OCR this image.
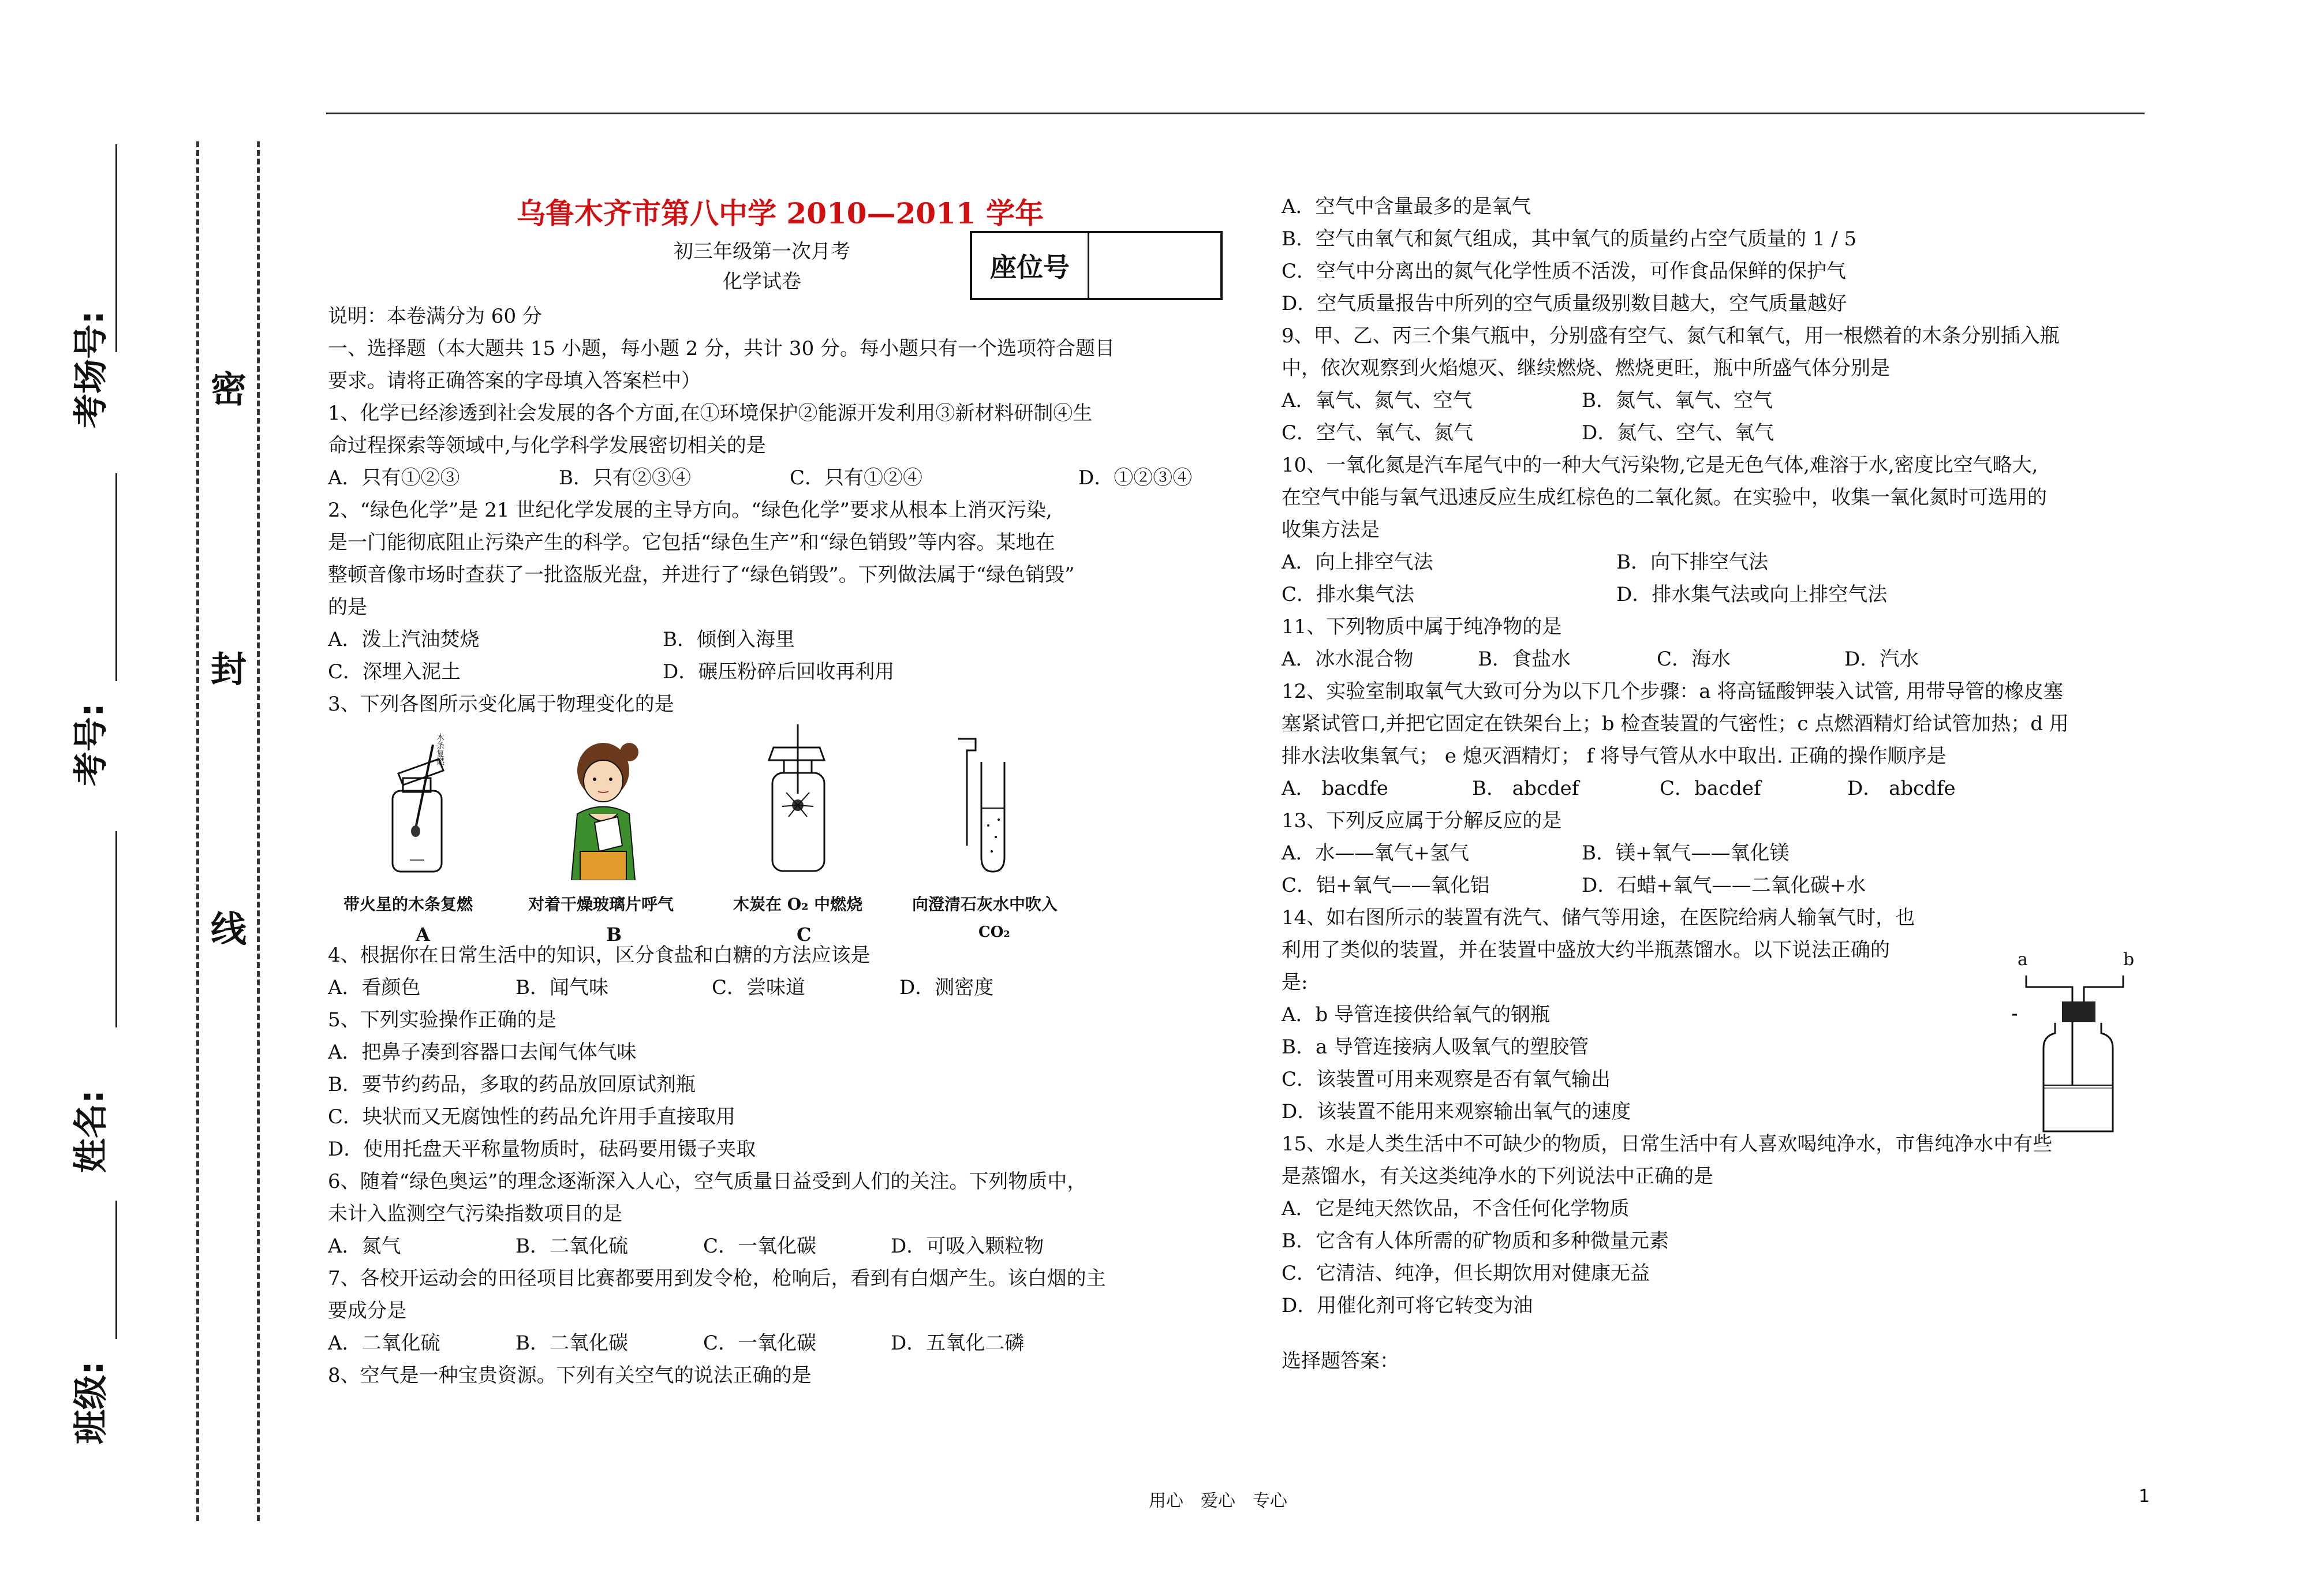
考场号:
考号:
姓名:
班级:
密
封
线
乌鲁木齐市第八中学 2010—2011 学年
初三年级第一次月考
化学试卷	座位号

说明：本卷满分为 60 分

一、选择题（本大题共 15 小题，每小题 2 分，共计 30 分。每小题只有一个选项符合题目

要求。请将正确答案的字母填入答案栏中）

1、化学已经渗透到社会发展的各个方面,在①环境保护②能源开发利用③新材料研制④生

命过程探索等领域中,与化学科学发展密切相关的是

A．只有①②③	B．只有②③④	C．只有①②④	D．①②③④

2、“绿色化学”是 21 世纪化学发展的主导方向。“绿色化学”要求从根本上消灭污染,

是一门能彻底阻止污染产生的科学。它包括“绿色生产”和“绿色销毁”等内容。某地在

整顿音像市场时查获了一批盗版光盘，并进行了“绿色销毁”。下列做法属于“绿色销毁”

的是

A．泼上汽油焚烧	B．倾倒入海里
C．深埋入泥土	D．碾压粉碎后回收再利用

3、下列各图所示变化属于物理变化的是

木条复燃
带火星的木条复燃	对着干燥玻璃片呼气	木炭在 O₂ 中燃烧	向澄清石灰水中吹入
A	B	C	CO₂

4、根据你在日常生活中的知识，区分食盐和白糖的方法应该是

A．看颜色	B．闻气味	C．尝味道	D．测密度

5、下列实验操作正确的是

A．把鼻子凑到容器口去闻气体气味

B．要节约药品，多取的药品放回原试剂瓶

C．块状而又无腐蚀性的药品允许用手直接取用

D．使用托盘天平称量物质时，砝码要用镊子夹取

6、随着“绿色奥运”的理念逐渐深入人心，空气质量日益受到人们的关注。下列物质中，

未计入监测空气污染指数项目的是

A．氮气	B．二氧化硫	C．一氧化碳	D．可吸入颗粒物

7、各校开运动会的田径项目比赛都要用到发令枪，枪响后，看到有白烟产生。该白烟的主

要成分是

A．二氧化硫	B．二氧化碳	C．一氧化碳	D．五氧化二磷

8、空气是一种宝贵资源。下列有关空气的说法正确的是

A．空气中含量最多的是氧气

B．空气由氧气和氮气组成，其中氧气的质量约占空气质量的 1 / 5

C．空气中分离出的氮气化学性质不活泼，可作食品保鲜的保护气

D．空气质量报告中所列的空气质量级别数目越大，空气质量越好

9、甲、乙、丙三个集气瓶中，分别盛有空气、氮气和氧气，用一根燃着的木条分别插入瓶

中，依次观察到火焰熄灭、继续燃烧、燃烧更旺，瓶中所盛气体分别是

A．氧气、氮气、空气	B．氮气、氧气、空气
C．空气、氧气、氮气	D．氮气、空气、氧气

10、一氧化氮是汽车尾气中的一种大气污染物,它是无色气体,难溶于水,密度比空气略大,

在空气中能与氧气迅速反应生成红棕色的二氧化氮。在实验中，收集一氧化氮时可选用的

收集方法是

A．向上排空气法	B．向下排空气法
C．排水集气法	D．排水集气法或向上排空气法

11、下列物质中属于纯净物的是

A．冰水混合物	B．食盐水	C．海水	D．汽水

12、实验室制取氧气大致可分为以下几个步骤：a 将高锰酸钾装入试管, 用带导管的橡皮塞

塞紧试管口,并把它固定在铁架台上；b 检查装置的气密性；c 点燃酒精灯给试管加热；d 用

排水法收集氧气； e 熄灭酒精灯； f 将导气管从水中取出. 正确的操作顺序是

A． bacdfe	B． abcdef	C．bacdef	D． abcdfe

13、下列反应属于分解反应的是

A．水——氧气+氢气	B．镁+氧气——氧化镁
C．铝+氧气——氧化铝	D．石蜡+氧气——二氧化碳+水

14、如右图所示的装置有洗气、储气等用途，在医院给病人输氧气时，也

利用了类似的装置，并在装置中盛放大约半瓶蒸馏水。以下说法正确的

是:

A．b 导管连接供给氧气的钢瓶

B．a 导管连接病人吸氧气的塑胶管

C．该装置可用来观察是否有氧气输出

D．该装置不能用来观察输出氧气的速度

15、水是人类生活中不可缺少的物质，日常生活中有人喜欢喝纯净水，市售纯净水中有些

是蒸馏水，有关这类纯净水的下列说法中正确的是

A．它是纯天然饮品，不含任何化学物质

B．它含有人体所需的矿物质和多种微量元素

C．它清洁、纯净，但长期饮用对健康无益

D．用催化剂可将它转变为油

选择题答案：

a	b
用心　爱心　专心	1
